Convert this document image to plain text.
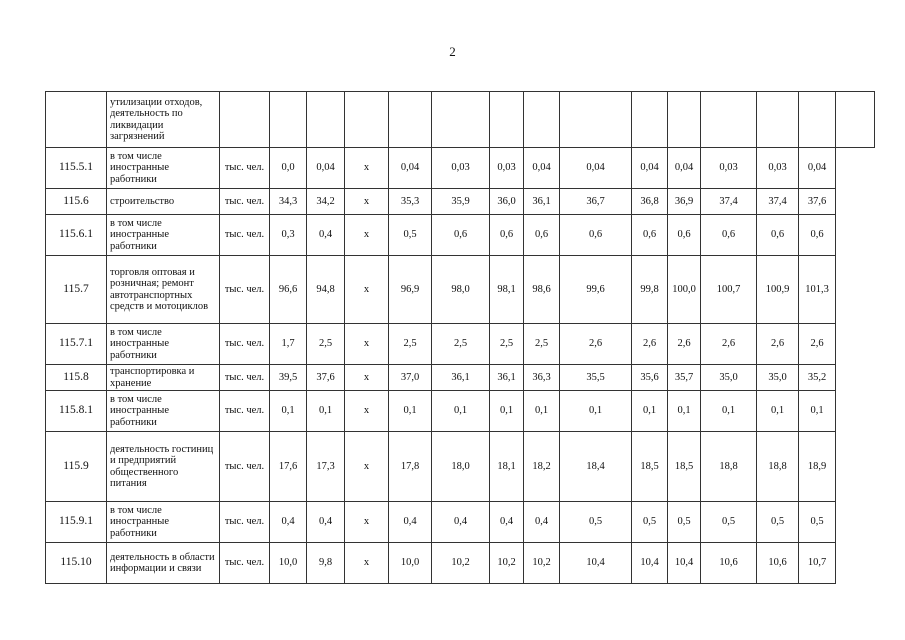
2
	утилизации отходов, деятельность по ликвидации загрязнений															
115.5.1	в том числе иностранные работники	тыс. чел.	0,0	0,04	х	0,04	0,03	0,03	0,04	0,04	0,04	0,04	0,03	0,03	0,04	
115.6	строительство	тыс. чел.	34,3	34,2	х	35,3	35,9	36,0	36,1	36,7	36,8	36,9	37,4	37,4	37,6	
115.6.1	в том числе иностранные работники	тыс. чел.	0,3	0,4	х	0,5	0,6	0,6	0,6	0,6	0,6	0,6	0,6	0,6	0,6	
115.7	торговля оптовая и розничная; ремонт автотранспортных средств и мотоциклов	тыс. чел.	96,6	94,8	х	96,9	98,0	98,1	98,6	99,6	99,8	100,0	100,7	100,9	101,3	
115.7.1	в том числе иностранные работники	тыс. чел.	1,7	2,5	х	2,5	2,5	2,5	2,5	2,6	2,6	2,6	2,6	2,6	2,6	
115.8	транспортировка и хранение	тыс. чел.	39,5	37,6	х	37,0	36,1	36,1	36,3	35,5	35,6	35,7	35,0	35,0	35,2	
115.8.1	в том числе иностранные работники	тыс. чел.	0,1	0,1	х	0,1	0,1	0,1	0,1	0,1	0,1	0,1	0,1	0,1	0,1	
115.9	деятельность гостиниц и предприятий общественного питания	тыс. чел.	17,6	17,3	х	17,8	18,0	18,1	18,2	18,4	18,5	18,5	18,8	18,8	18,9	
115.9.1	в том числе иностранные работники	тыс. чел.	0,4	0,4	х	0,4	0,4	0,4	0,4	0,5	0,5	0,5	0,5	0,5	0,5	
115.10	деятельность в области информации и связи	тыс. чел.	10,0	9,8	х	10,0	10,2	10,2	10,2	10,4	10,4	10,4	10,6	10,6	10,7	
